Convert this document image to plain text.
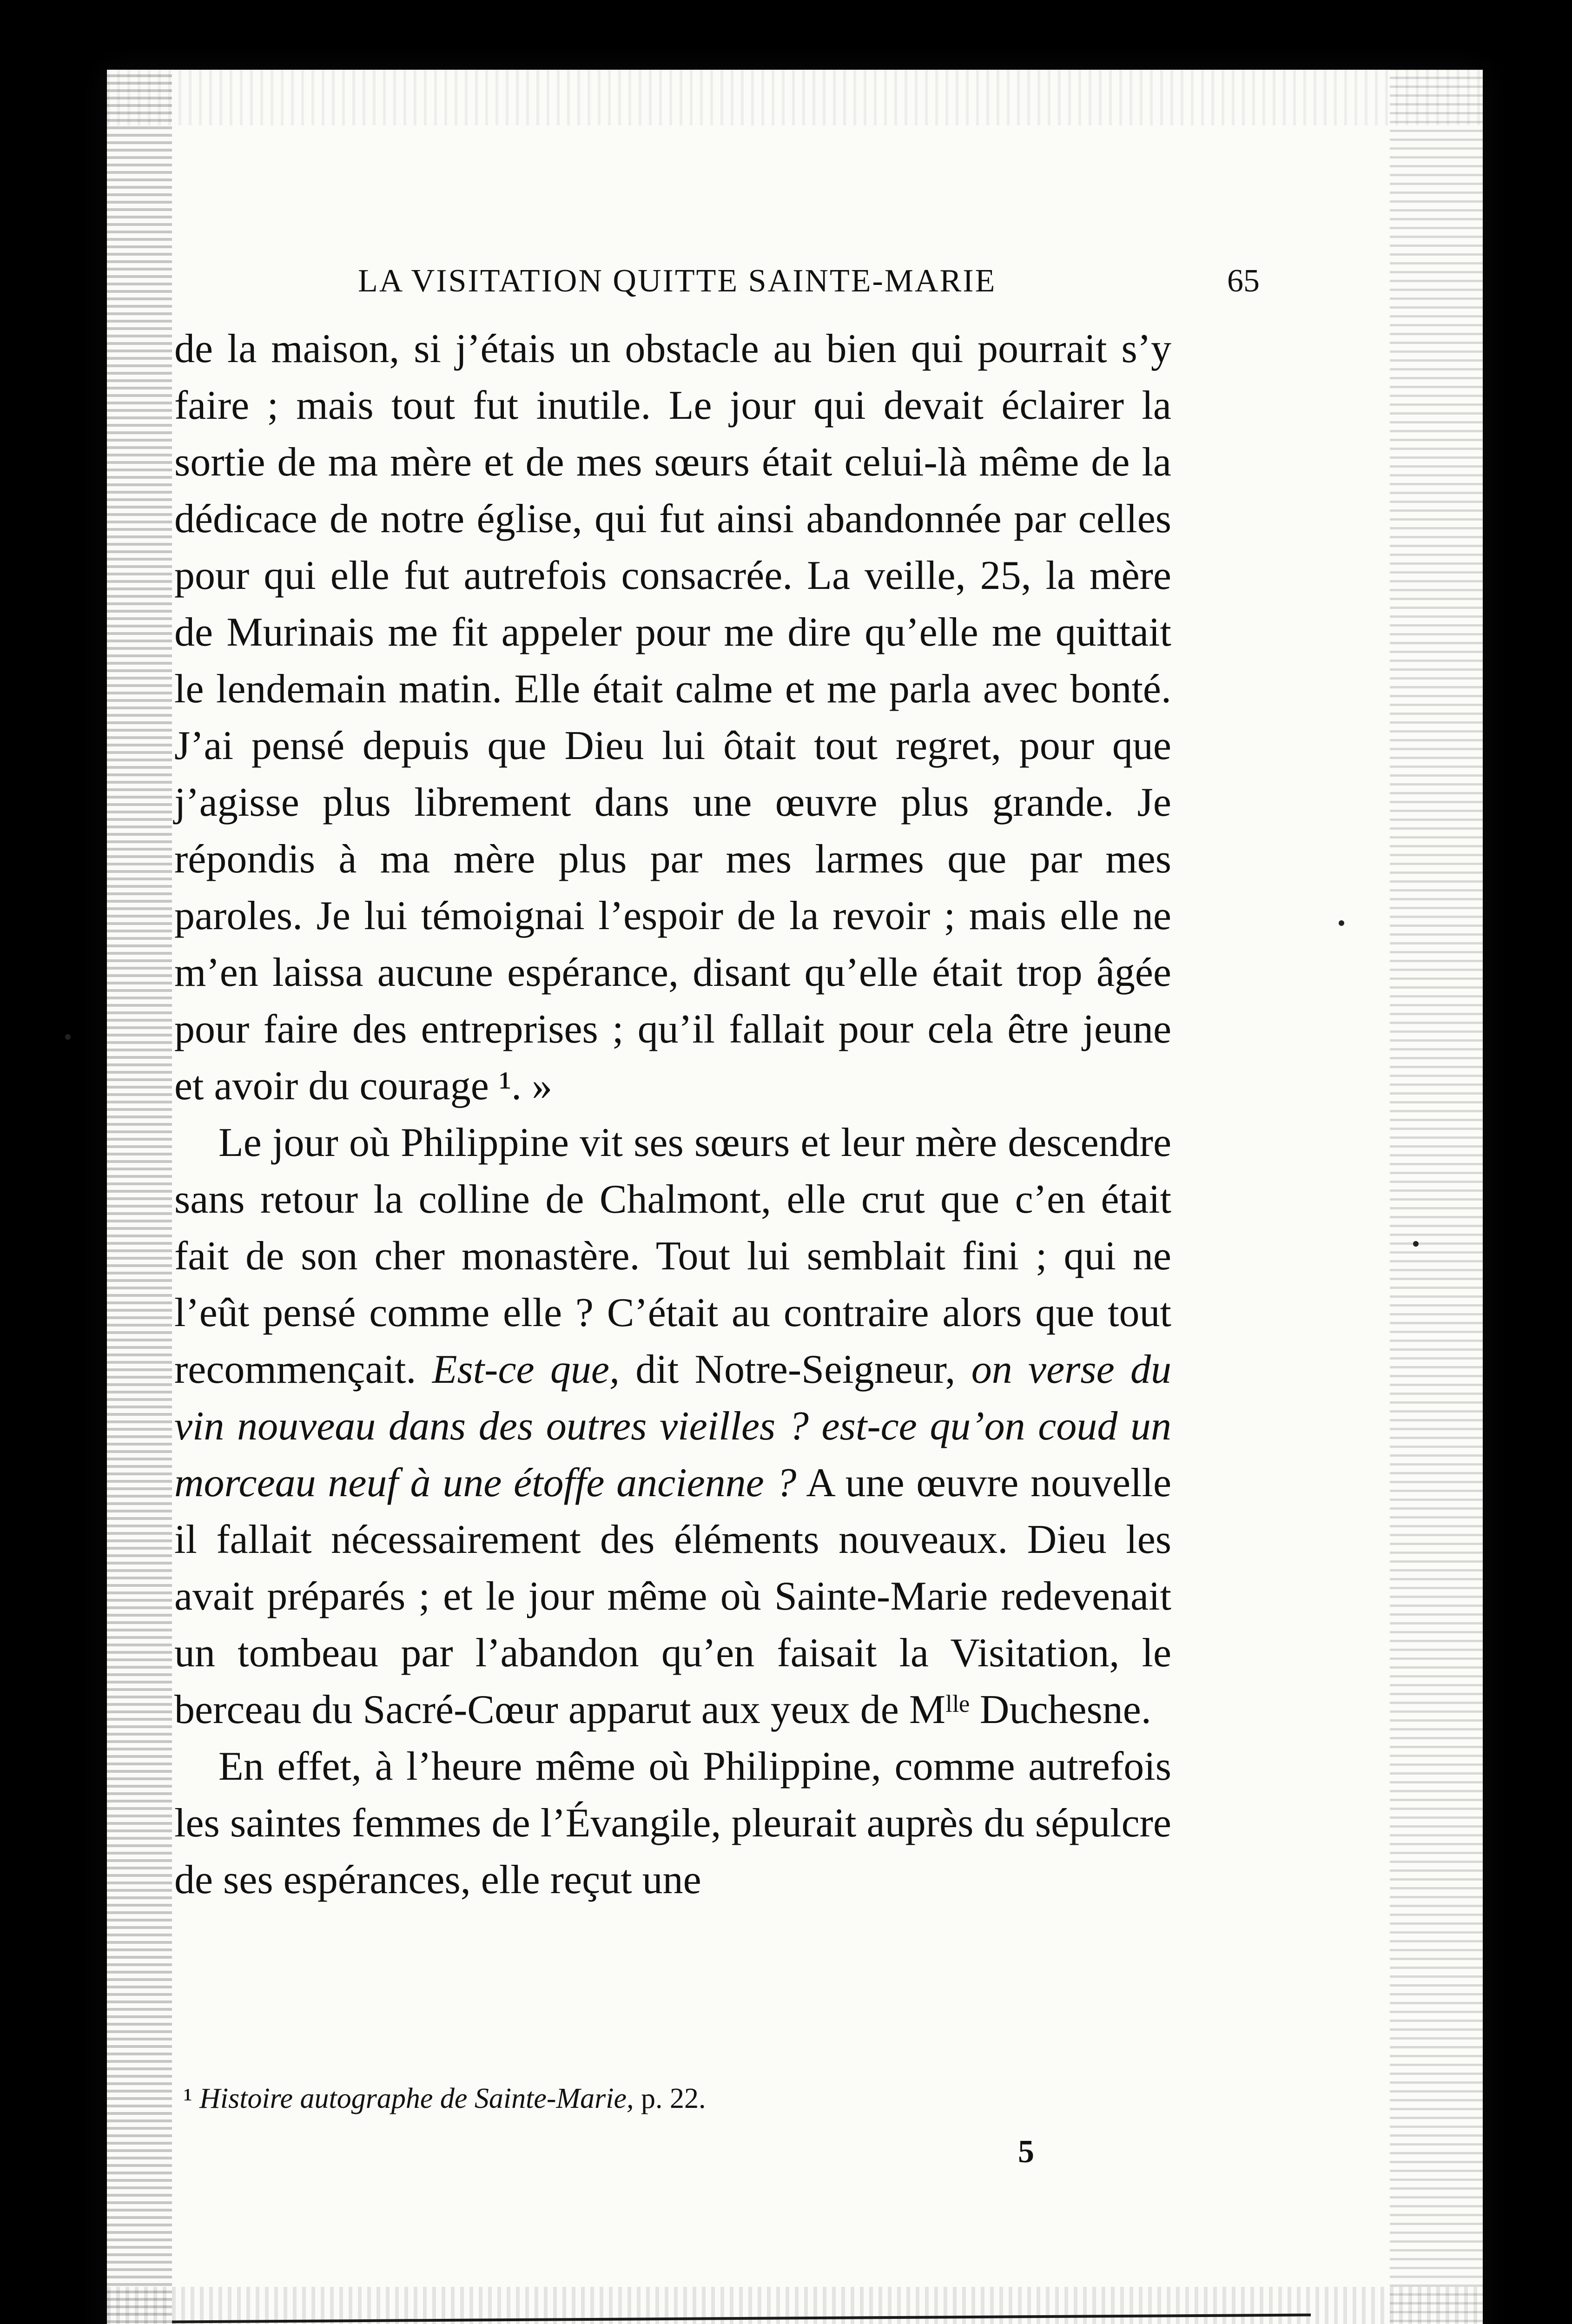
LA VISITATION QUITTE SAINTE-MARIE	65

de la maison, si j’étais un obstacle au bien qui pourrait s’y faire ; mais tout fut inutile. Le jour qui devait éclairer la sortie de ma mère et de mes sœurs était celui-là même de la dédicace de notre église, qui fut ainsi abandonnée par celles pour qui elle fut autrefois consacrée. La veille, 25, la mère de Murinais me fit appeler pour me dire qu’elle me quittait le lendemain matin. Elle était calme et me parla avec bonté. J’ai pensé depuis que Dieu lui ôtait tout regret, pour que j’agisse plus librement dans une œuvre plus grande. Je répondis à ma mère plus par mes larmes que par mes paroles. Je lui témoignai l’espoir de la revoir ; mais elle ne m’en laissa aucune espérance, disant qu’elle était trop âgée pour faire des entreprises ; qu’il fallait pour cela être jeune et avoir du courage ¹. »

Le jour où Philippine vit ses sœurs et leur mère descendre sans retour la colline de Chalmont, elle crut que c’en était fait de son cher monastère. Tout lui semblait fini ; qui ne l’eût pensé comme elle ? C’était au contraire alors que tout recommençait. Est-ce que, dit Notre-Seigneur, on verse du vin nouveau dans des outres vieilles ? est-ce qu’on coud un morceau neuf à une étoffe ancienne ? A une œuvre nouvelle il fallait nécessairement des éléments nouveaux. Dieu les avait préparés ; et le jour même où Sainte-Marie redevenait un tombeau par l’abandon qu’en faisait la Visitation, le berceau du Sacré-Cœur apparut aux yeux de Mˡˡᵉ Duchesne.

En effet, à l’heure même où Philippine, comme autrefois les saintes femmes de l’Évangile, pleurait auprès du sépulcre de ses espérances, elle reçut une

¹ Histoire autographe de Sainte-Marie, p. 22.
5
